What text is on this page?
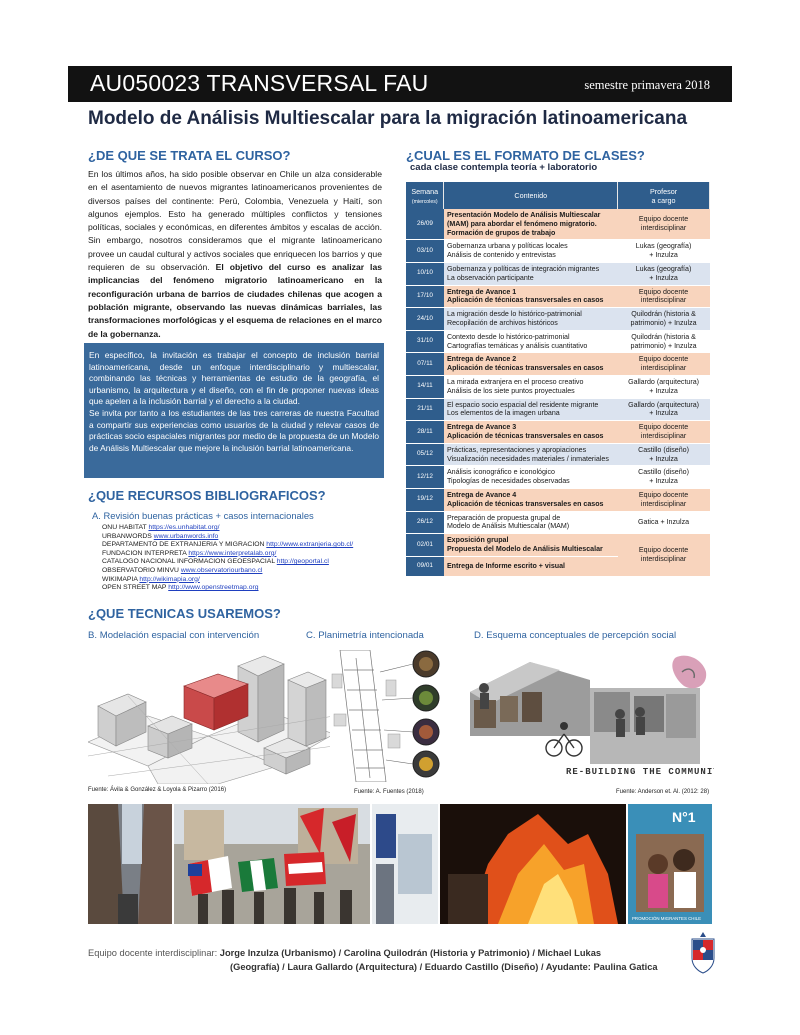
AU050023 TRANSVERSAL FAU	semestre primavera 2018
Modelo de Análisis Multiescalar para la migración latinoamericana
¿DE QUE SE TRATA EL CURSO?
En los últimos años, ha sido posible observar en Chile un alza considerable en el asentamiento de nuevos migrantes latinoamericanos provenientes de diversos países del continente: Perú, Colombia, Venezuela y Haití, son algunos ejemplos. Esto ha generado múltiples conflictos y tensiones políticas, sociales y económicas, en diferentes ámbitos y escalas de acción. Sin embargo, nosotros consideramos que el migrante latinoamericano provee un caudal cultural y activos sociales que enriquecen los barrios y que requieren de su observación. El objetivo del curso es analizar las implicancias del fenómeno migratorio latinoamericano en la reconfiguración urbana de barrios de ciudades chilenas que acogen a población migrante, observando las nuevas dinámicas barriales, las transformaciones morfológicas y el esquema de relaciones en el marco de la gobernanza.

En específico, la invitación es trabajar el concepto de inclusión barrial latinoamericana, desde un enfoque interdisciplinario y multiescalar, combinando las técnicas y herramientas de estudio de la geografía, el urbanismo, la arquitectura y el diseño, con el fin de proponer nuevas ideas que apelen a la inclusión barrial y el derecho a la ciudad.

Se invita por tanto a los estudiantes de las tres carreras de nuestra Facultad a compartir sus experiencias como usuarios de la ciudad y relevar casos de prácticas socio espaciales migrantes por medio de la propuesta de un Modelo de Análisis Multiescalar que mejore la inclusión barrial latinoamericana.

¿QUE RECURSOS BIBLIOGRAFICOS?
A. Revisión buenas prácticas + casos internacionales
ONU HABITAT https://es.unhabitat.org/
URBANWORDS www.urbanwords.info
DEPARTAMENTO DE EXTRANJERIA Y MIGRACION http://www.extranjeria.gob.cl/
FUNDACION INTERPRETA https://www.interpretalab.org/
CATALOGO NACIONAL INFORMACION GEOESPACIAL http://geoportal.cl
OBSERVATORIO MINVU www.observatoriourbano.cl
WIKIMAPIA http://wikimapia.org/
OPEN STREET MAP http://www.openstreetmap.org
¿CUAL ES EL FORMATO DE CLASES?
cada clase contempla teoría + laboratorio
Semana
(miercoles)	Contenido	Profesor
a cargo
26/09	Presentación Modelo de Análisis Multiescalar (MAM) para abordar el fenómeno migratorio. Formación de grupos de trabajo	Equipo docente interdisciplinar
03/10	Gobernanza urbana y políticas locales
Análisis de contenido y entrevistas	Lukas (geografía)
+ Inzulza
10/10	Gobernanza y políticas de integración migrantes
La observación participante	Lukas (geografía)
+ Inzulza
17/10	Entrega de Avance 1
Aplicación de técnicas transversales en casos	Equipo docente interdisciplinar
24/10	La migración desde lo histórico-patrimonial
Recopilación de archivos históricos	Quilodrán (historia &
patrimonio) + Inzulza
31/10	Contexto desde lo histórico-patrimonial
Cartografías temáticas y análisis cuantitativo	Quilodrán (historia &
patrimonio) + Inzulza
07/11	Entrega de Avance 2
Aplicación de técnicas transversales en casos	Equipo docente interdisciplinar
14/11	La mirada extranjera en el proceso creativo
Análisis de los siete puntos proyectuales	Gallardo (arquitectura)
+ Inzulza
21/11	El espacio socio espacial del residente migrante
Los elementos de la imagen urbana	Gallardo (arquitectura)
+ Inzulza
28/11	Entrega de Avance 3
Aplicación de técnicas transversales en casos	Equipo docente interdisciplinar
05/12	Prácticas, representaciones y apropiaciones
Visualización necesidades materiales / inmateriales	Castillo (diseño)
+ Inzulza
12/12	Análisis iconográfico e iconológico
Tipologías de necesidades observadas	Castillo (diseño)
+ Inzulza
19/12	Entrega de Avance 4
Aplicación de técnicas transversales en casos	Equipo docente interdisciplinar
26/12	Preparación de propuesta grupal de
Modelo de Análisis Multiescalar (MAM)	Gatica + Inzulza
02/01	Exposición grupal
Propuesta del Modelo de Análisis Multiescalar	Equipo docente interdisciplinar
09/01	Entrega de Informe escrito + visual	
¿QUE TECNICAS USAREMOS?
B. Modelación espacial con intervención	C. Planimetría intencionada	D. Esquema conceptuales de percepción social
Fuente: Ávila & González & Loyola & Pizarro (2016)	Fuente: A. Fuentes (2018)
RE-BUILDING THE COMMUNITY
Fuente: Anderson et. Al. (2012: 28)
N°1
PROMOCIÓN MIGRANTES CHILE
Equipo docente interdisciplinar: Jorge Inzulza (Urbanismo) / Carolina Quilodrán (Historia y Patrimonio) / Michael Lukas
(Geografía) / Laura Gallardo (Arquitectura) / Eduardo Castillo (Diseño) / Ayudante: Paulina Gatica
